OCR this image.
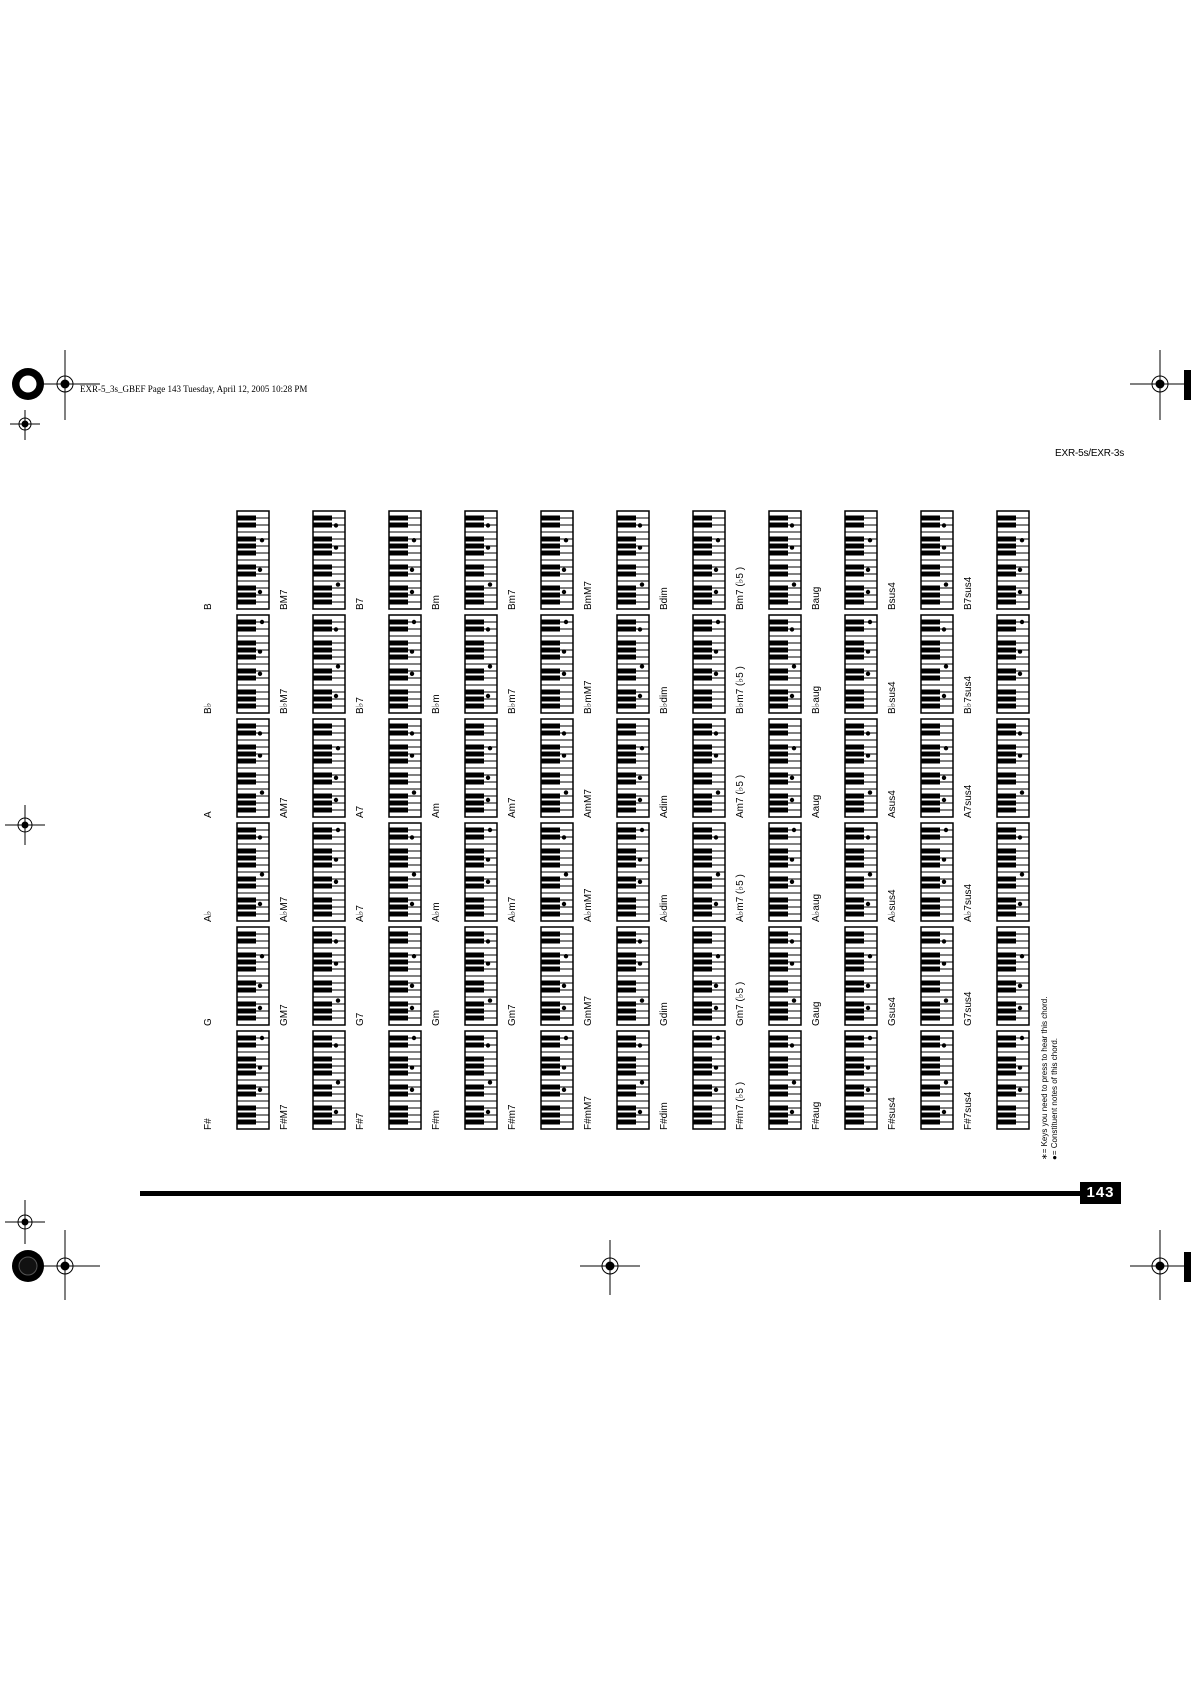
EXR-5_3s_GBEF Page 143 Tuesday, April 12, 2005 10:28 PM
EXR-5s/EXR-3s
F#
G
A♭
A
B♭
B
F#M7
GM7
A♭M7
AM7
B♭M7
BM7
F#7
G7
A♭7
A7
B♭7
B7
F#m
Gm
A♭m
Am
B♭m
Bm
F#m7
Gm7
A♭m7
Am7
B♭m7
Bm7
F#mM7
GmM7
A♭mM7
AmM7
B♭mM7
BmM7
F#dim
Gdim
A♭dim
Adim
B♭dim
Bdim
F#m7 (♭5 )
Gm7 (♭5 )
A♭m7 (♭5 )
Am7 (♭5 )
B♭m7 (♭5 )
Bm7 (♭5 )
F#aug
Gaug
A♭aug
Aaug
B♭aug
Baug
F#sus4
Gsus4
A♭sus4
Asus4
B♭sus4
Bsus4
F#7sus4
G7sus4
A♭7sus4
A7sus4
B♭7sus4
B7sus4
143
∗= Keys you need to press to hear this chord. ●= Constituent notes of this chord.
